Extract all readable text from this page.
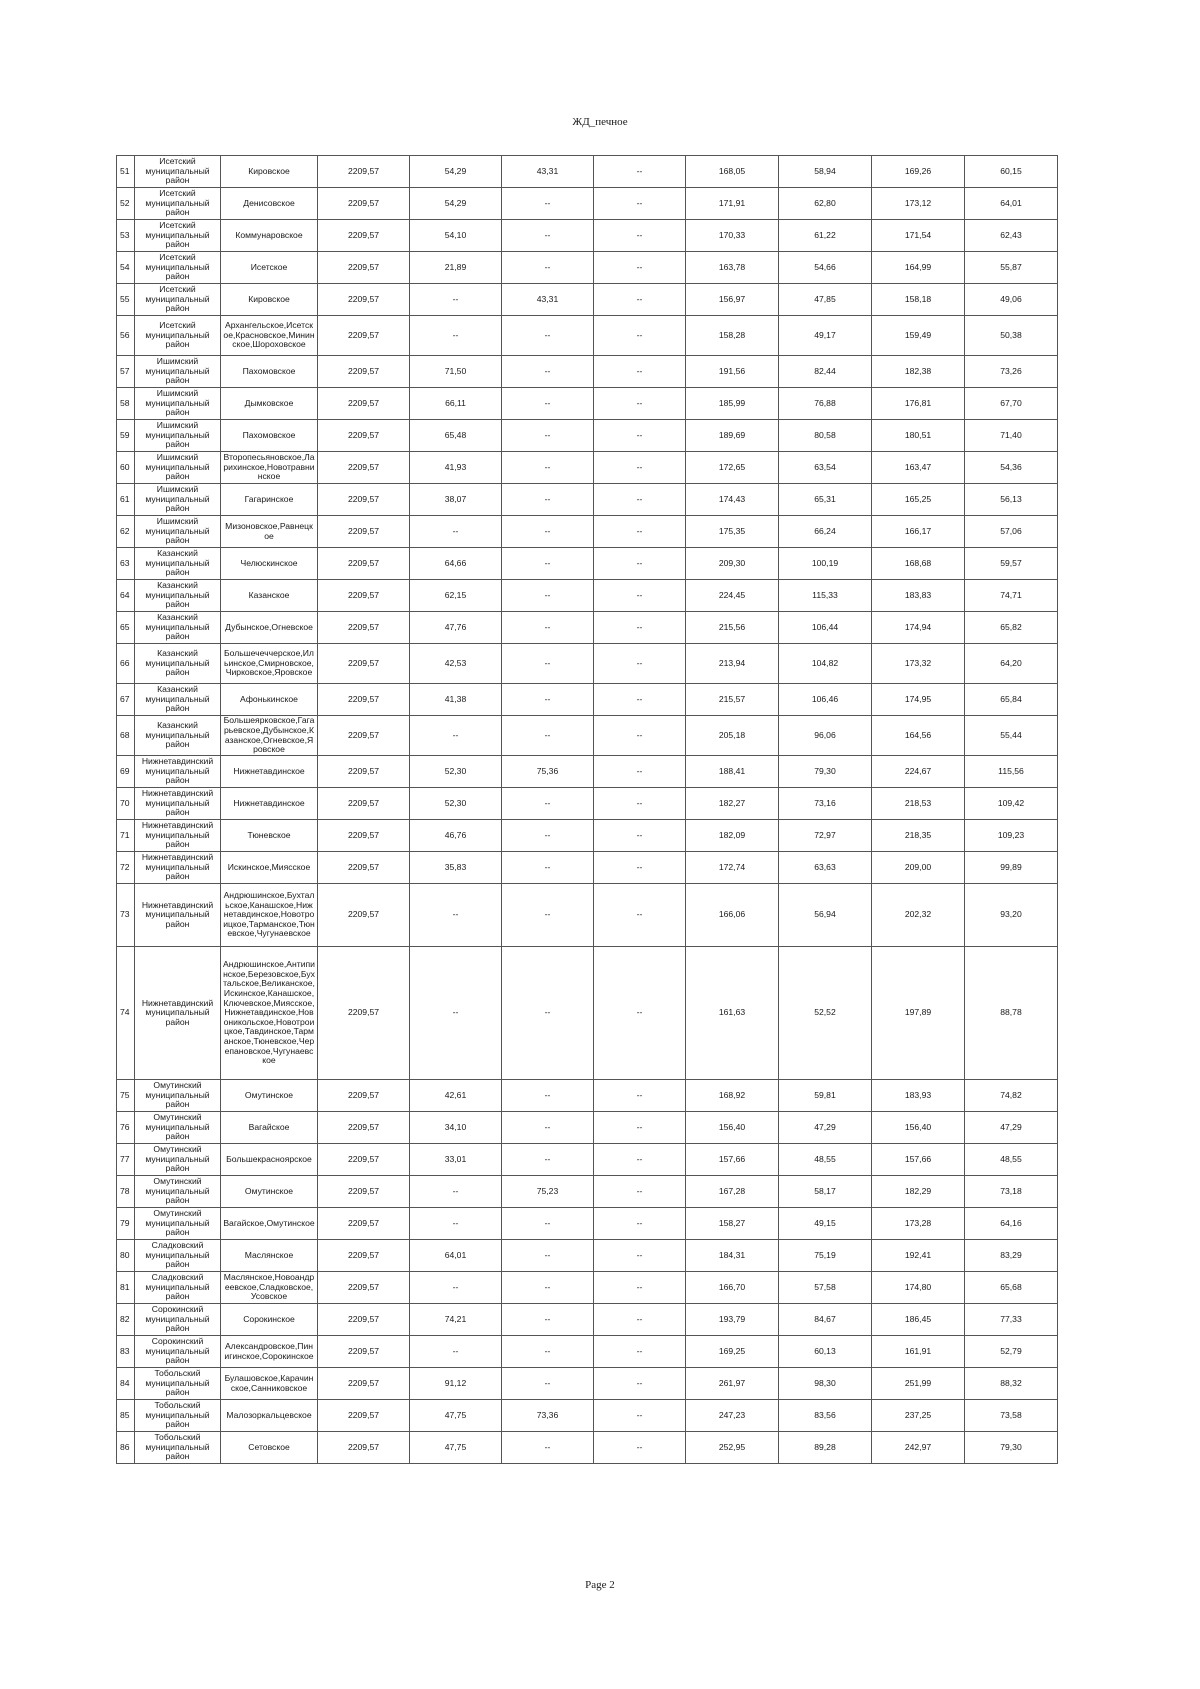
ЖД_печное
51	Исетский муниципальный район	Кировское	2209,57	54,29	43,31	--	168,05	58,94	169,26	60,15
52	Исетский муниципальный район	Денисовское	2209,57	54,29	--	--	171,91	62,80	173,12	64,01
53	Исетский муниципальный район	Коммунаровское	2209,57	54,10	--	--	170,33	61,22	171,54	62,43
54	Исетский муниципальный район	Исетское	2209,57	21,89	--	--	163,78	54,66	164,99	55,87
55	Исетский муниципальный район	Кировское	2209,57	--	43,31	--	156,97	47,85	158,18	49,06
56	Исетский муниципальный район	Архангельское,Исетское,Красновское,Мининское,Шороховское	2209,57	--	--	--	158,28	49,17	159,49	50,38
57	Ишимский муниципальный район	Пахомовское	2209,57	71,50	--	--	191,56	82,44	182,38	73,26
58	Ишимский муниципальный район	Дымковское	2209,57	66,11	--	--	185,99	76,88	176,81	67,70
59	Ишимский муниципальный район	Пахомовское	2209,57	65,48	--	--	189,69	80,58	180,51	71,40
60	Ишимский муниципальный район	Второпесьяновское,Ларихинское,Новотравнинское	2209,57	41,93	--	--	172,65	63,54	163,47	54,36
61	Ишимский муниципальный район	Гагаринское	2209,57	38,07	--	--	174,43	65,31	165,25	56,13
62	Ишимский муниципальный район	Мизоновское,Равнецкое	2209,57	--	--	--	175,35	66,24	166,17	57,06
63	Казанский муниципальный район	Челюскинское	2209,57	64,66	--	--	209,30	100,19	168,68	59,57
64	Казанский муниципальный район	Казанское	2209,57	62,15	--	--	224,45	115,33	183,83	74,71
65	Казанский муниципальный район	Дубынское,Огневское	2209,57	47,76	--	--	215,56	106,44	174,94	65,82
66	Казанский муниципальный район	Большечеччерское,Ильинское,Смирновское,Чирковское,Яровское	2209,57	42,53	--	--	213,94	104,82	173,32	64,20
67	Казанский муниципальный район	Афонькинское	2209,57	41,38	--	--	215,57	106,46	174,95	65,84
68	Казанский муниципальный район	Большеярковское,Гагарьевское,Дубынское,Казанское,Огневское,Яровское	2209,57	--	--	--	205,18	96,06	164,56	55,44
69	Нижнетавдинский муниципальный район	Нижнетавдинское	2209,57	52,30	75,36	--	188,41	79,30	224,67	115,56
70	Нижнетавдинский муниципальный район	Нижнетавдинское	2209,57	52,30	--	--	182,27	73,16	218,53	109,42
71	Нижнетавдинский муниципальный район	Тюневское	2209,57	46,76	--	--	182,09	72,97	218,35	109,23
72	Нижнетавдинский муниципальный район	Искинское,Миясское	2209,57	35,83	--	--	172,74	63,63	209,00	99,89
73	Нижнетавдинский муниципальный район	Андрюшинское,Бухтальское,Канашское,Нижнетавдинское,Новотроицкое,Тарманское,Тюневское,Чугунаевское	2209,57	--	--	--	166,06	56,94	202,32	93,20
74	Нижнетавдинский муниципальный район	Андрюшинское,Антипинское,Березовское,Бухтальское,Великанское,Искинское,Канашское,Ключевское,Миясское,Нижнетавдинское,Новоникольское,Новотроицкое,Тавдинское,Тарманское,Тюневское,Черепановское,Чугунаевское	2209,57	--	--	--	161,63	52,52	197,89	88,78
75	Омутинский муниципальный район	Омутинское	2209,57	42,61	--	--	168,92	59,81	183,93	74,82
76	Омутинский муниципальный район	Вагайское	2209,57	34,10	--	--	156,40	47,29	156,40	47,29
77	Омутинский муниципальный район	Большекрасноярское	2209,57	33,01	--	--	157,66	48,55	157,66	48,55
78	Омутинский муниципальный район	Омутинское	2209,57	--	75,23	--	167,28	58,17	182,29	73,18
79	Омутинский муниципальный район	Вагайское,Омутинское	2209,57	--	--	--	158,27	49,15	173,28	64,16
80	Сладковский муниципальный район	Маслянское	2209,57	64,01	--	--	184,31	75,19	192,41	83,29
81	Сладковский муниципальный район	Маслянское,Новоандреевское,Сладковское,Усовское	2209,57	--	--	--	166,70	57,58	174,80	65,68
82	Сорокинский муниципальный район	Сорокинское	2209,57	74,21	--	--	193,79	84,67	186,45	77,33
83	Сорокинский муниципальный район	Александровское,Пинигинское,Сорокинское	2209,57	--	--	--	169,25	60,13	161,91	52,79
84	Тобольский муниципальный район	Булашовское,Карачинское,Санниковское	2209,57	91,12	--	--	261,97	98,30	251,99	88,32
85	Тобольский муниципальный район	Малозоркальцевское	2209,57	47,75	73,36	--	247,23	83,56	237,25	73,58
86	Тобольский муниципальный район	Сетовское	2209,57	47,75	--	--	252,95	89,28	242,97	79,30
Page 2
